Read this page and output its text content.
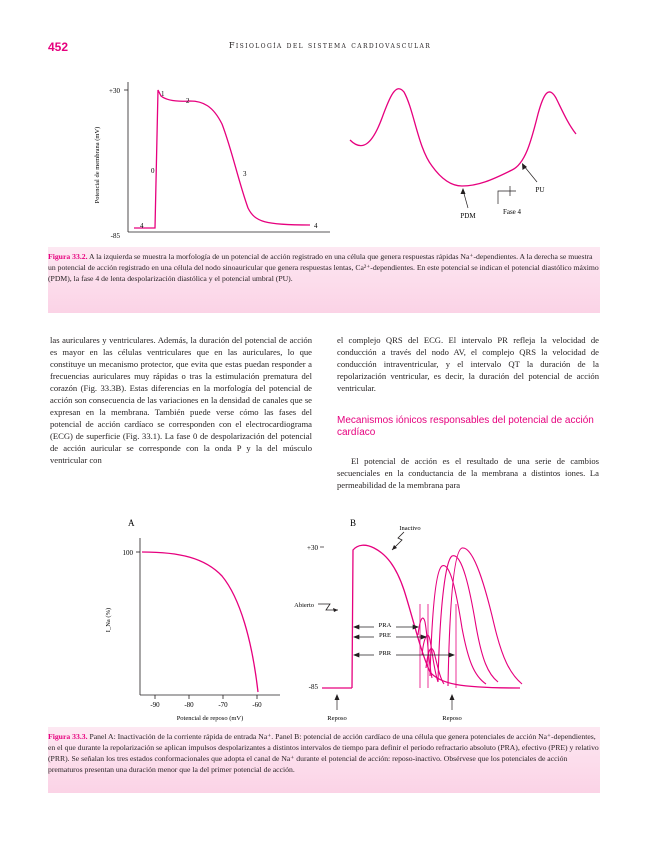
452	Fisiología del sistema cardiovascular
+30
-85
Potencial de membrana (mV)	0
1
2
3
4	4
PDM	Fase 4
PU
Figura 33.2. A la izquierda se muestra la morfología de un potencial de acción registrado en una célula que genera respuestas rápidas Na⁺-dependientes. A la derecha se muestra un potencial de acción registrado en una célula del nodo sinoauricular que genera respuestas lentas, Ca²⁺-dependientes. En este potencial se indican el potencial diastólico máximo (PDM), la fase 4 de lenta despolarización diastólica y el potencial umbral (PU).
las auriculares y ventriculares. Además, la duración del potencial de acción es mayor en las células ventriculares que en las auriculares, lo que constituye un mecanismo protector, que evita que estas puedan responder a frecuencias auriculares muy rápidas o tras la estimulación prematura del corazón (Fig. 33.3B). Estas diferencias en la morfología del potencial de acción son consecuencia de las variaciones en la densidad de canales que se expresan en la membrana. También puede verse cómo las fases del potencial de acción cardíaco se corresponden con el electrocardiograma (ECG) de superficie (Fig. 33.1). La fase 0 de despolarización del potencial de acción auricular se corresponde con la onda P y la del músculo ventricular con
el complejo QRS del ECG. El intervalo PR refleja la velocidad de conducción a través del nodo AV, el complejo QRS la velocidad de conducción intraventricular, y el intervalo QT la duración de la repolarización ventricular, es decir, la duración del potencial de acción ventricular.
Mecanismos iónicos responsables del potencial de acción cardíaco
El potencial de acción es el resultado de una serie de cambios secuenciales en la conductancia de la membrana a distintos iones. La permeabilidad de la membrana para
A
100
I_Na (%)
-90	-80	-70	-60
Potencial de reposo (mV)
B
+30
-85
PRA
PRE
PRR
Abierto
Inactivo
Reposo	Reposo
Figura 33.3. Panel A: Inactivación de la corriente rápida de entrada Na⁺. Panel B: potencial de acción cardíaco de una célula que genera potenciales de acción Na⁺-dependientes, en el que durante la repolarización se aplican impulsos despolarizantes a distintos intervalos de tiempo para definir el período refractario absoluto (PRA), efectivo (PRE) y relativo (PRR). Se señalan los tres estados conformacionales que adopta el canal de Na⁺ durante el potencial de acción: reposo-inactivo. Obsérvese que los potenciales de acción prematuros presentan una duración menor que la del primer potencial de acción.
